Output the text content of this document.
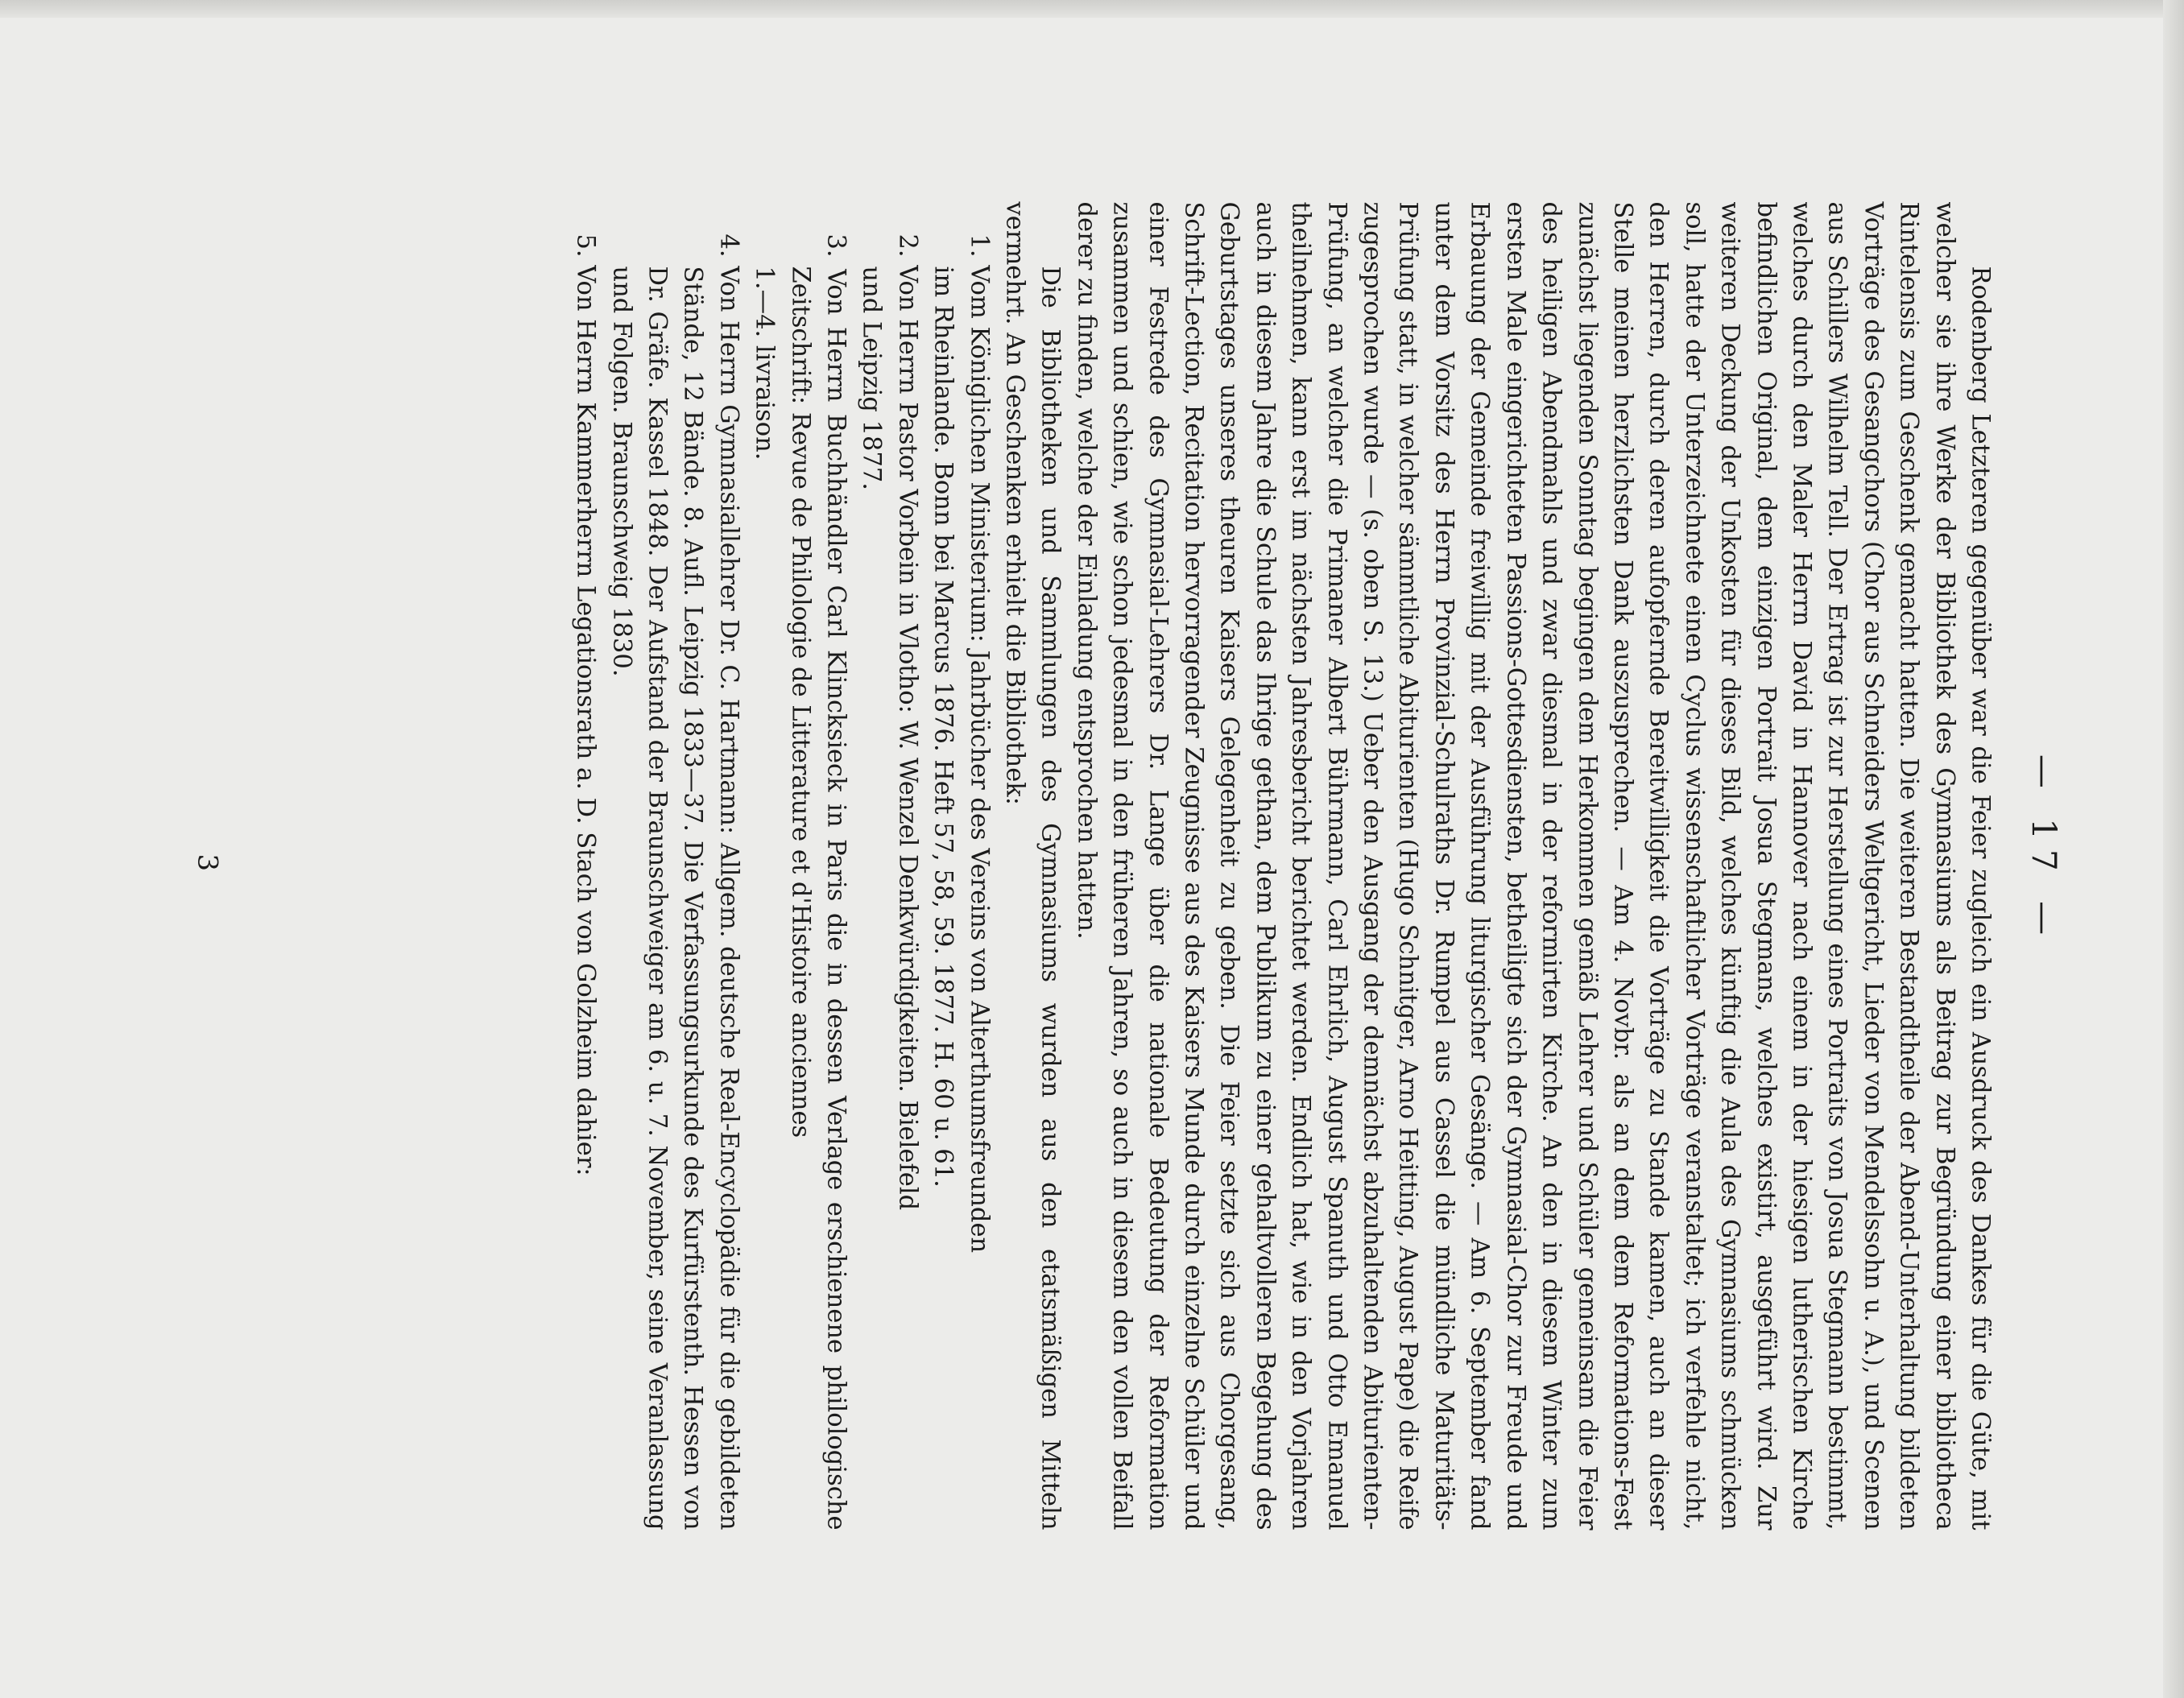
— 17 —

Rodenberg Letzteren gegenüber war die Feier zugleich ein Ausdruck des Dankes für die Güte, mit welcher sie ihre Werke der Bibliothek des Gymnasiums als Beitrag zur Begründung einer bibliotheca Rintelensis zum Geschenk gemacht hatten. Die weiteren Bestandtheile der Abend-Unterhaltung bildeten Vorträge des Gesangchors (Chor aus Schneiders Weltgericht, Lieder von Mendelssohn u. A.), und Scenen aus Schillers Wilhelm Tell. Der Ertrag ist zur Herstellung eines Portraits von Josua Stegmann bestimmt, welches durch den Maler Herrn David in Hannover nach einem in der hiesigen lutherischen Kirche befindlichen Original, dem einzigen Portrait Josua Stegmans, welches existirt, ausgeführt wird. Zur weiteren Deckung der Unkosten für dieses Bild, welches künftig die Aula des Gymnasiums schmücken soll, hatte der Unterzeichnete einen Cyclus wissenschaftlicher Vorträge veranstaltet; ich verfehle nicht, den Herren, durch deren aufopfernde Bereitwilligkeit die Vorträge zu Stande kamen, auch an dieser Stelle meinen herzlichsten Dank auszusprechen. — Am 4. Novbr. als an dem dem Reformations-Fest zunächst liegenden Sonntag begingen dem Herkommen gemäß Lehrer und Schüler gemeinsam die Feier des heiligen Abendmahls und zwar diesmal in der reformirten Kirche. An den in diesem Winter zum ersten Male eingerichteten Passions-Gottesdiensten, betheiligte sich der Gymnasial-Chor zur Freude und Erbauung der Gemeinde freiwillig mit der Ausführung liturgischer Gesänge. — Am 6. September fand unter dem Vorsitz des Herrn Provinzial-Schulraths Dr. Rumpel aus Cassel die mündliche Maturitäts-Prüfung statt, in welcher sämmtliche Abiturienten (Hugo Schnitger, Arno Heitting, August Pape) die Reife zugesprochen wurde — (s. oben S. 13.) Ueber den Ausgang der demnächst abzuhaltenden Abiturienten-Prüfung, an welcher die Primaner Albert Bührmann, Carl Ehrlich, August Spanuth und Otto Emanuel theilnehmen, kann erst im nächsten Jahresbericht berichtet werden. Endlich hat, wie in den Vorjahren auch in diesem Jahre die Schule das Ihrige gethan, dem Publikum zu einer gehaltvolleren Begehung des Geburtstages unseres theuren Kaisers Gelegenheit zu geben. Die Feier setzte sich aus Chorgesang, Schrift-Lection, Recitation hervorragender Zeugnisse aus des Kaisers Munde durch einzelne Schüler und einer Festrede des Gymnasial-Lehrers Dr. Lange über die nationale Bedeutung der Reformation zusammen und schien, wie schon jedesmal in den früheren Jahren, so auch in diesem den vollen Beifall derer zu finden, welche der Einladung entsprochen hatten.

Die Bibliotheken und Sammlungen des Gymnasiums wurden aus den etatsmäßigen Mitteln vermehrt. An Geschenken erhielt die Bibliothek:

1. Vom Königlichen Ministerium: Jahrbücher des Vereins von Alterthumsfreunden

im Rheinlande. Bonn bei Marcus 1876. Heft 57, 58, 59. 1877. H. 60 u. 61.

2. Von Herrn Pastor Vorbein in Vlotho: W. Wenzel Denkwürdigkeiten. Bielefeld

und Leipzig 1877.

3. Von Herrn Buchhändler Carl Klincksieck in Paris die in dessen Verlage erschienene philologische Zeitschrift: Revue de Philologie de Litterature et d'Histoire anciennes

1.—4. livraison.

4. Von Herrn Gymnasiallehrer Dr. C. Hartmann: Allgem. deutsche Real-Encyclopädie für die gebildeten Stände, 12 Bände. 8. Aufl. Leipzig 1833—37. Die Verfassungsurkunde des Kurfürstenth. Hessen von Dr. Gräfe. Kassel 1848. Der Aufstand der Braunschweiger am 6. u. 7. November, seine Veranlassung und Folgen. Braunschweig 1830.

5. Von Herrn Kammerherrn Legationsrath a. D. Stach von Golzheim dahier:

3
